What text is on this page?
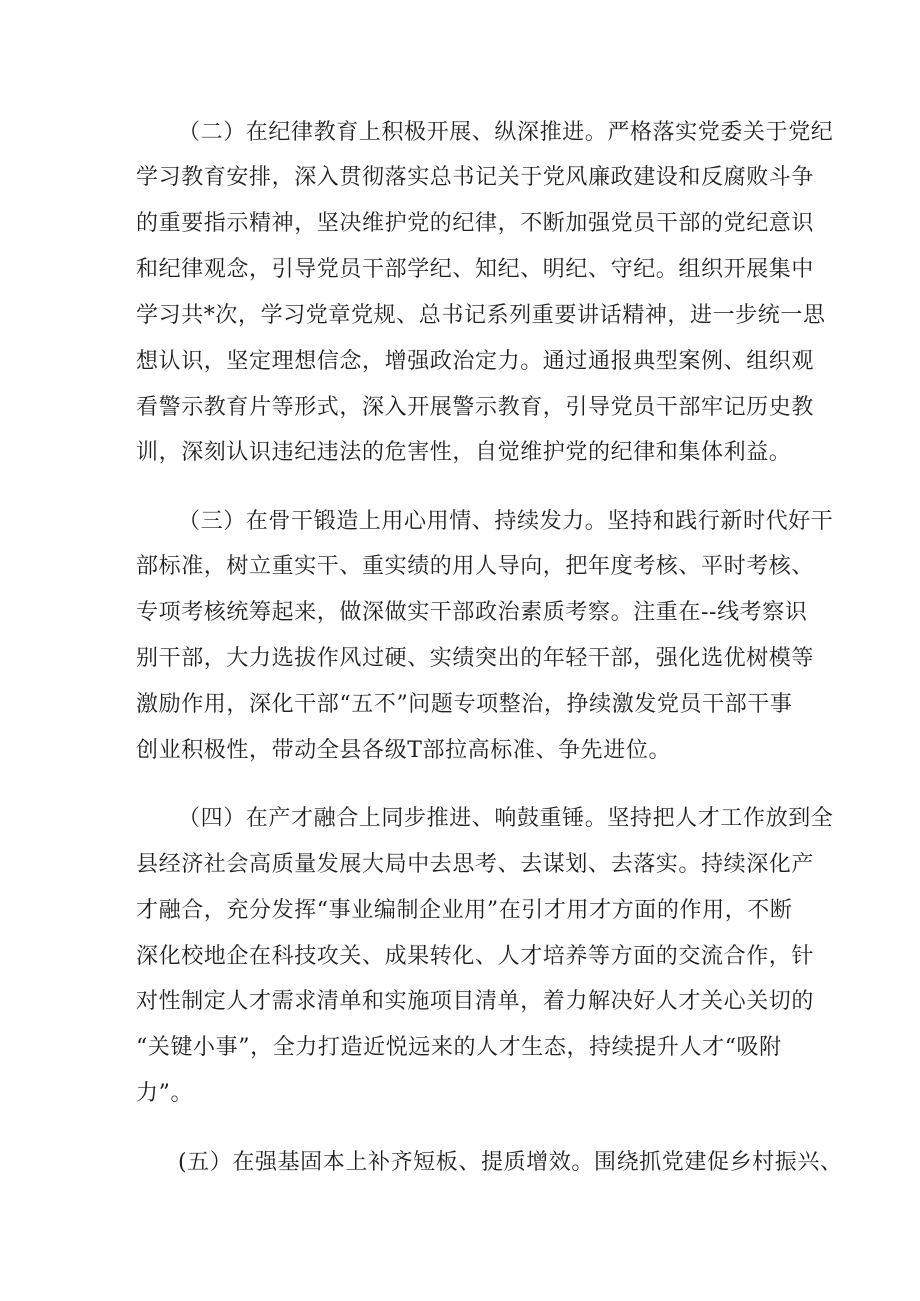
（二）在纪律教育上积极开展、纵深推进。严格落实党委关于党纪
学习教育安排，深入贯彻落实总书记关于党风廉政建设和反腐败斗争
的重要指示精神，坚决维护党的纪律，不断加强党员干部的党纪意识
和纪律观念，引导党员干部学纪、知纪、明纪、守纪。组织开展集中
学习共*次，学习党章党规、总书记系列重要讲话精神，进一步统一思
想认识，坚定理想信念，增强政治定力。通过通报典型案例、组织观
看警示教育片等形式，深入开展警示教育，引导党员干部牢记历史教
训，深刻认识违纪违法的危害性，自觉维护党的纪律和集体利益。
（三）在骨干锻造上用心用情、持续发力。坚持和践行新时代好干
部标准，树立重实干、重实绩的用人导向，把年度考核、平时考核、
专项考核统筹起来，做深做实干部政治素质考察。注重在--线考察识
别干部，大力选拔作风过硬、实绩突出的年轻干部，强化选优树模等
激励作用，深化干部“五不”问题专项整治，挣续激发党员干部干事
创业积极性，带动全县各级T部拉高标准、争先进位。
（四）在产才融合上同步推进、响鼓重锤。坚持把人才工作放到全
县经济社会高质量发展大局中去思考、去谋划、去落实。持续深化产
才融合，充分发挥“事业编制企业用”在引才用才方面的作用，不断
深化校地企在科技攻关、成果转化、人才培养等方面的交流合作，针
对性制定人才需求清单和实施项目清单，着力解决好人才关心关切的
“关键小事”，全力打造近悦远来的人才生态，持续提升人才“吸附
力”。
(五）在强基固本上补齐短板、提质增效。围绕抓党建促乡村振兴、
